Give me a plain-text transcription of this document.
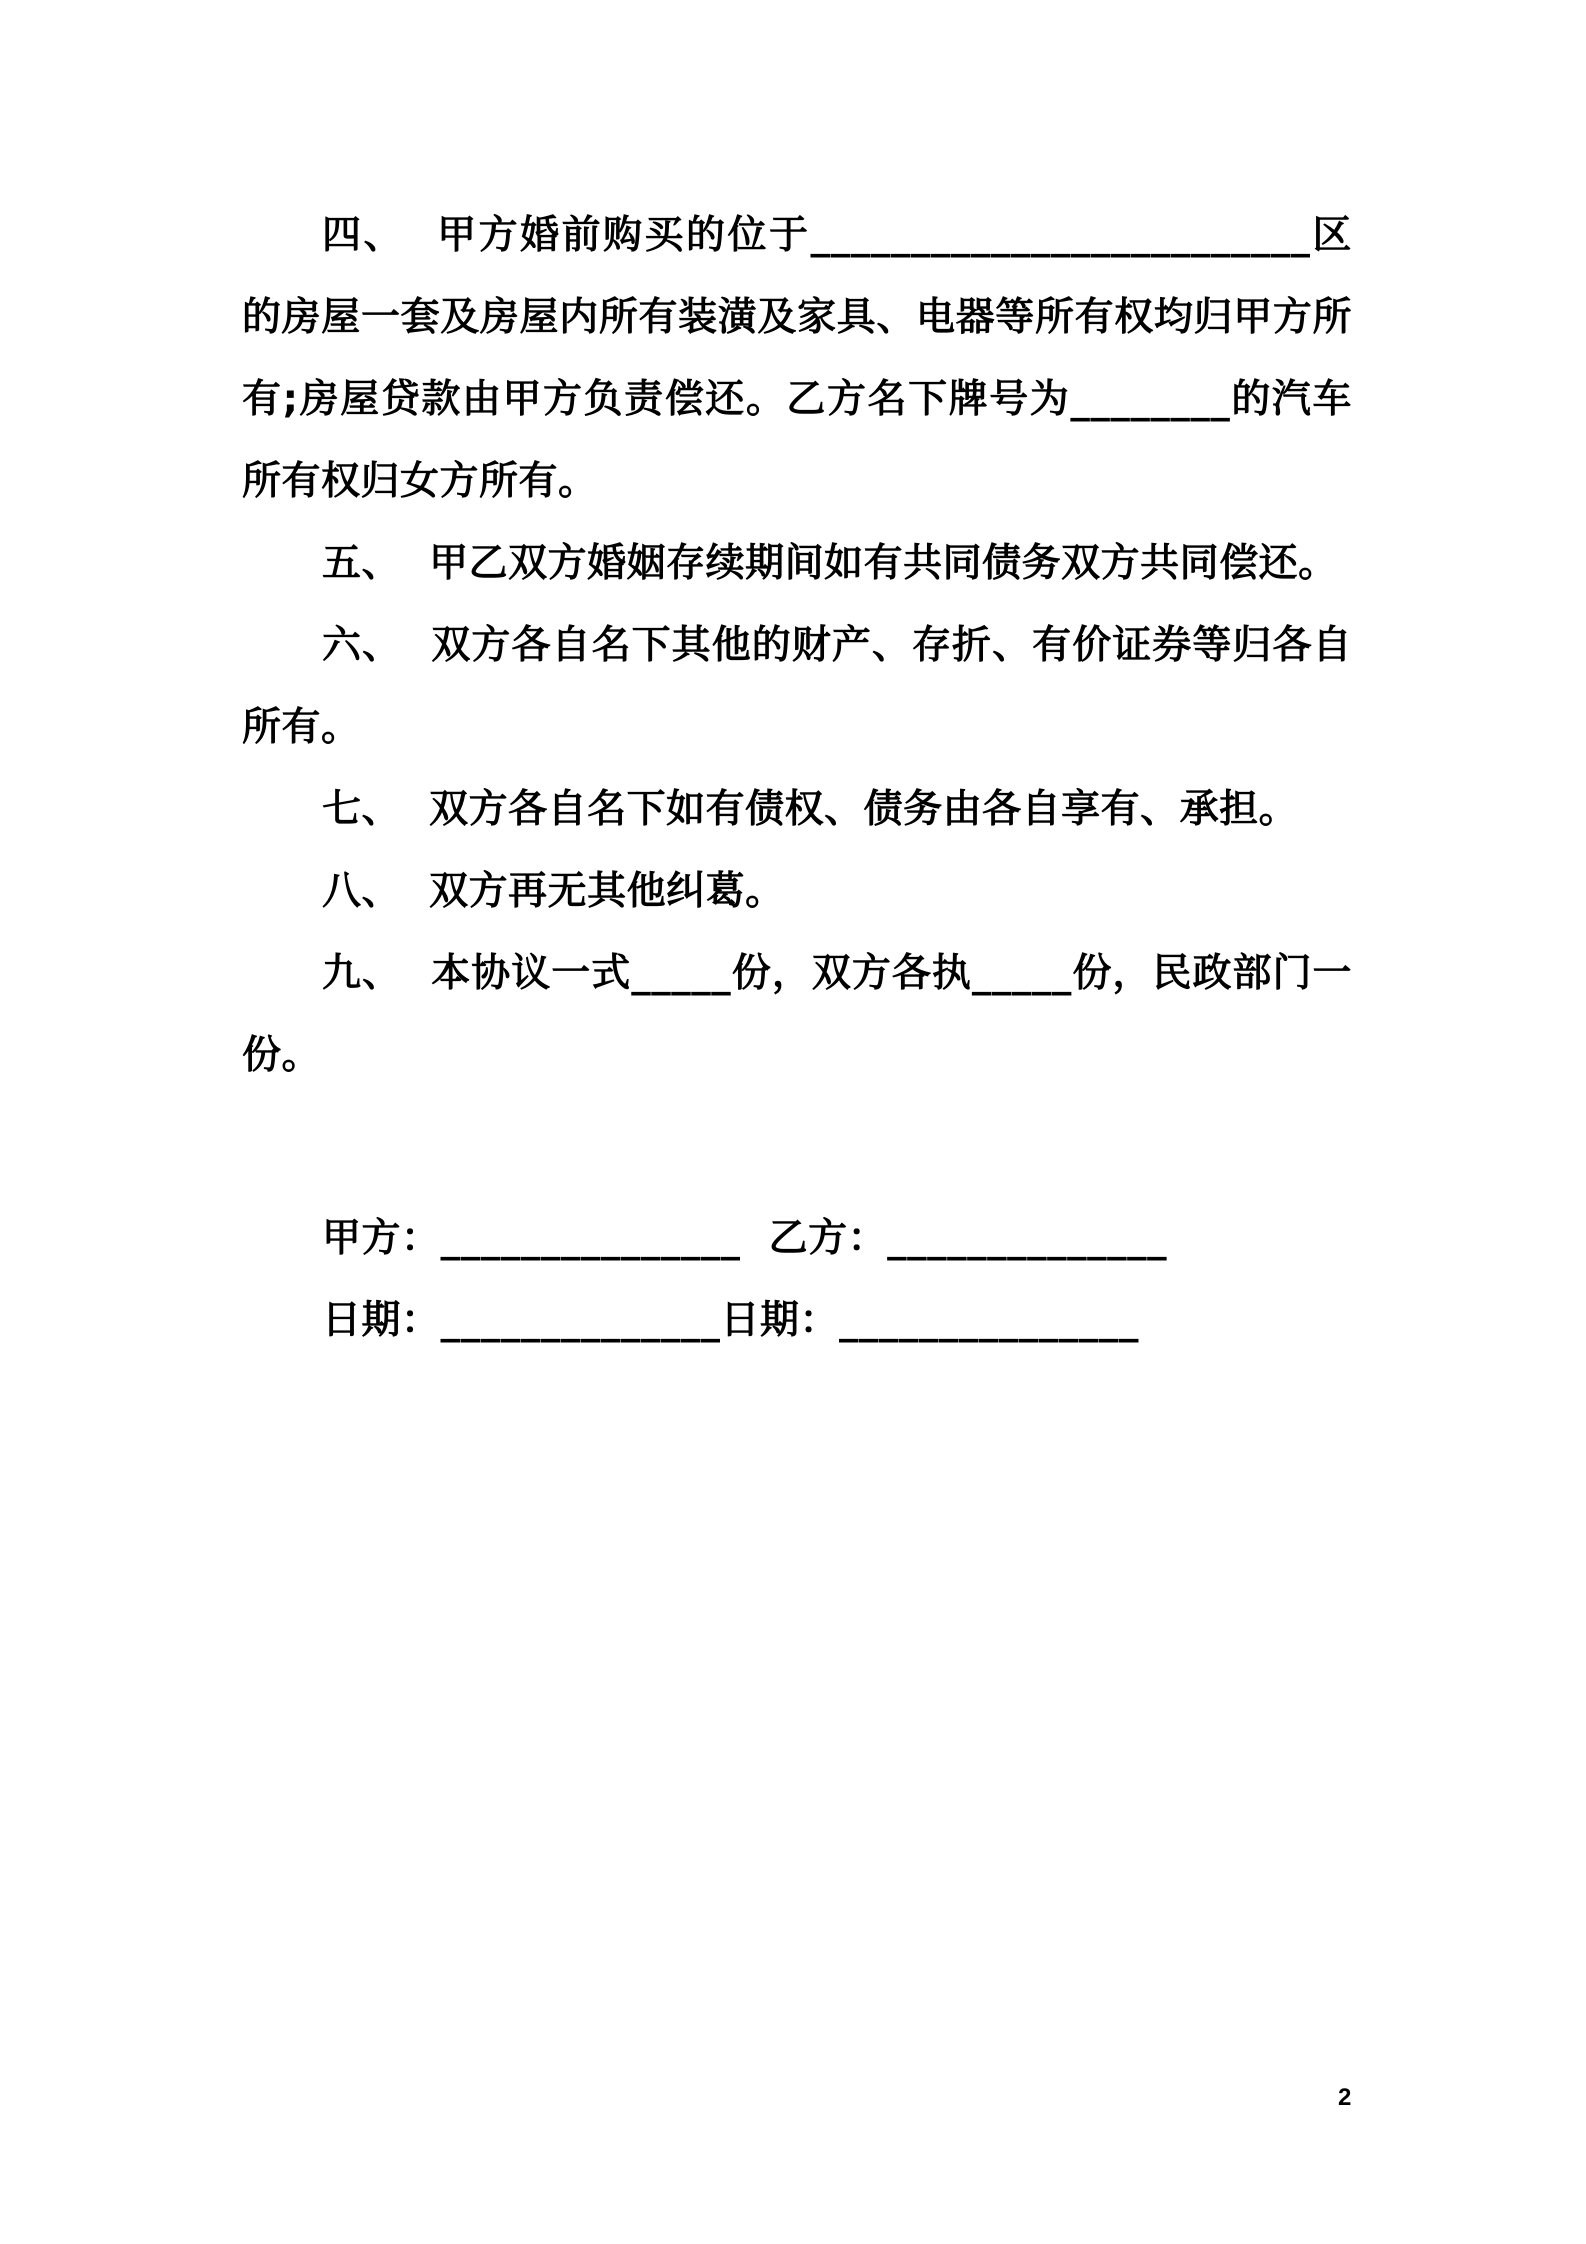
四、  甲方婚前购买的位于_________________________区的房屋一套及房屋内所有装潢及家具、电器等所有权均归甲方所有;房屋贷款由甲方负责偿还。乙方名下牌号为________的汽车所有权归女方所有。

五、  甲乙双方婚姻存续期间如有共同债务双方共同偿还。

六、  双方各自名下其他的财产、存折、有价证券等归各自所有。

七、  双方各自名下如有债权、债务由各自享有、承担。

八、  双方再无其他纠葛。

九、  本协议一式_____份，双方各执_____份，民政部门一份。

甲方：_______________  乙方：______________

日期：______________日期：_______________

2
